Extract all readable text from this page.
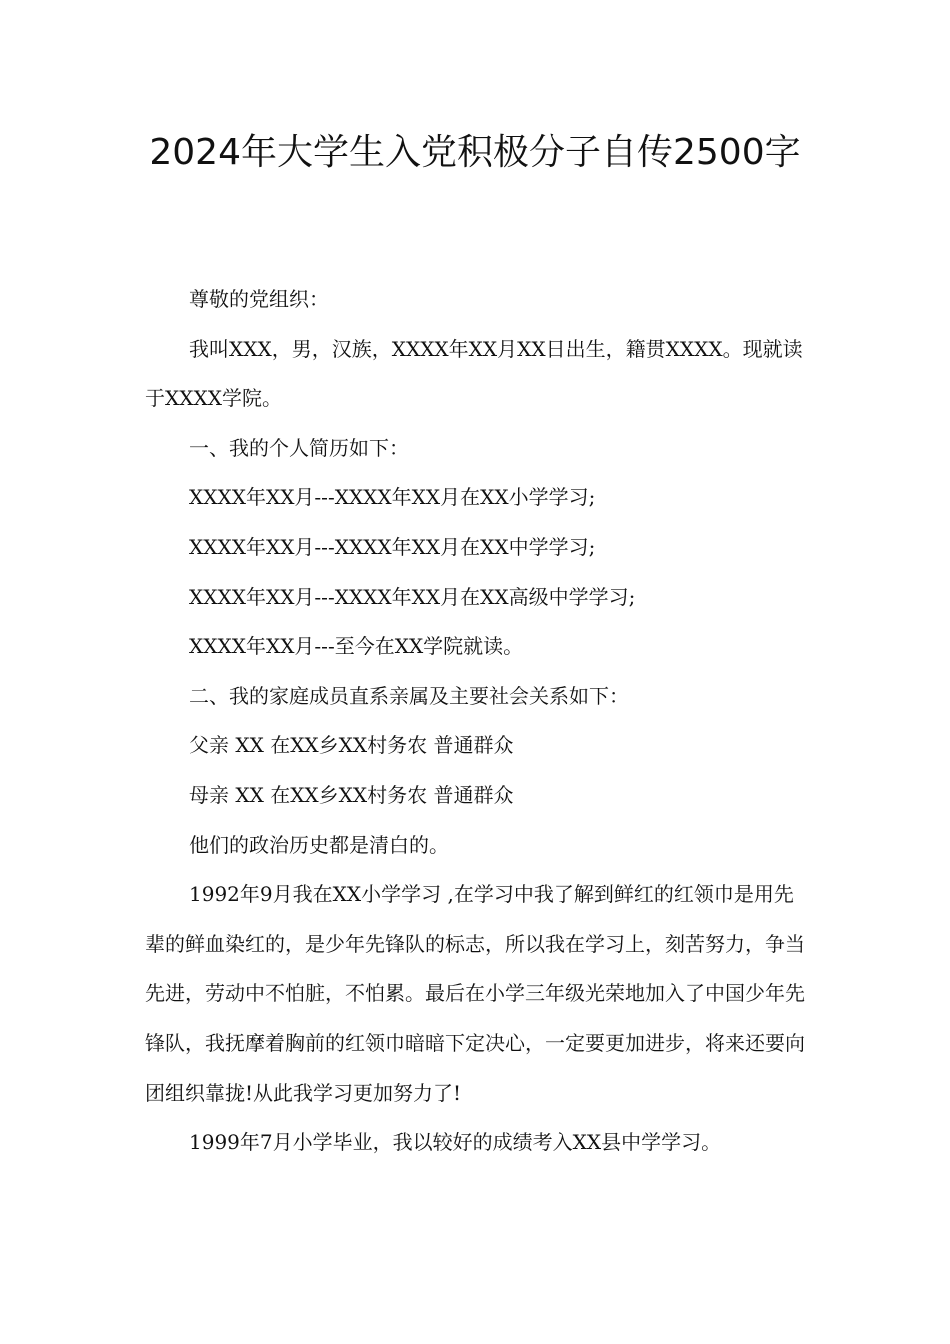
2024年大学生入党积极分子自传2500字

尊敬的党组织：

我叫XXX，男，汉族，XXXX年XX月XX日出生，籍贯XXXX。现就读于XXXX学院。

一、我的个人简历如下：

XXXX年XX月---XXXX年XX月在XX小学学习;

XXXX年XX月---XXXX年XX月在XX中学学习;

XXXX年XX月---XXXX年XX月在XX高级中学学习;

XXXX年XX月---至今在XX学院就读。

二、我的家庭成员直系亲属及主要社会关系如下：

父亲 XX 在XX乡XX村务农 普通群众

母亲 XX 在XX乡XX村务农 普通群众

他们的政治历史都是清白的。

1992年9月我在XX小学学习 ,在学习中我了解到鲜红的红领巾是用先辈的鲜血染红的，是少年先锋队的标志，所以我在学习上，刻苦努力，争当先进，劳动中不怕脏，不怕累。最后在小学三年级光荣地加入了中国少年先锋队，我抚摩着胸前的红领巾暗暗下定决心，一定要更加进步，将来还要向团组织靠拢!从此我学习更加努力了!

1999年7月小学毕业，我以较好的成绩考入XX县中学学习。
